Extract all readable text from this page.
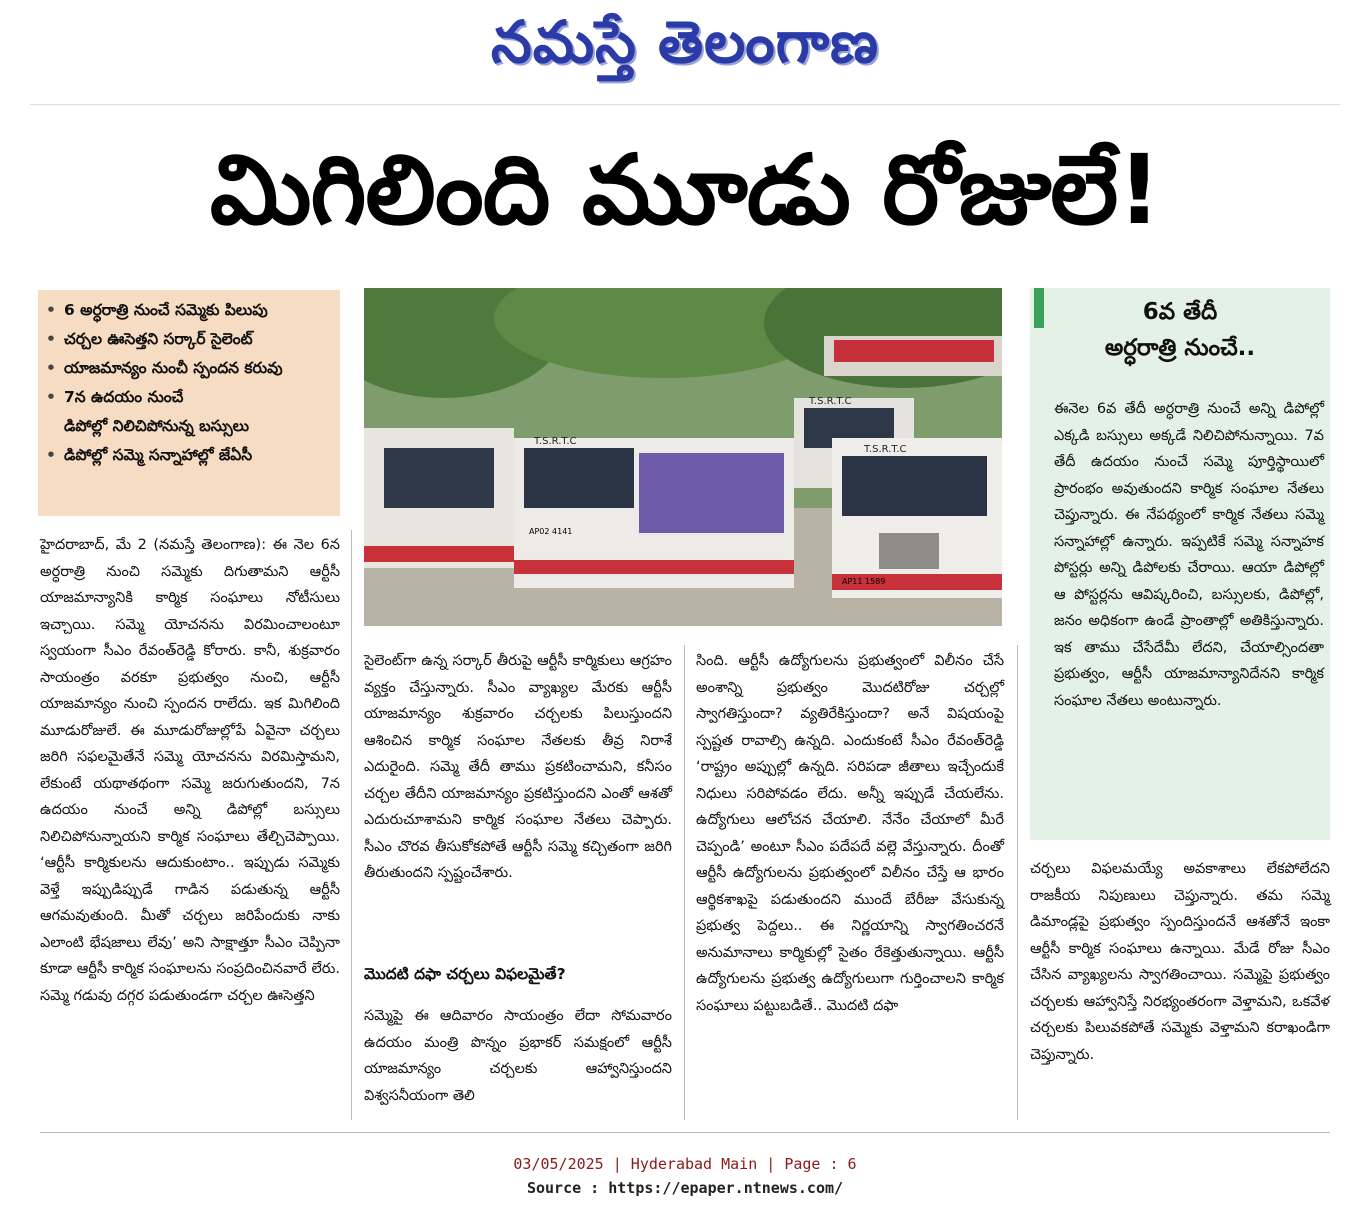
నమస్తే తెలంగాణ
మిగిలింది మూడు రోజులే!
• 6 అర్ధరాత్రి నుంచే సమ్మెకు పిలుపు
• చర్చల ఊసెత్తని సర్కార్ సైలెంట్
• యాజమాన్యం నుంచీ స్పందన కరువు
• 7న ఉదయం నుంచే
డిపోల్లో నిలిచిపోనున్న బస్సులు
• డిపోల్లో సమ్మె సన్నాహాల్లో జేఏసీ
T.S.R.T.C
T.S.R.T.C
T.S.R.T.C
AP11 1589
AP02 4141
6వ తేదీ
అర్ధరాత్రి నుంచే..
ఈనెల 6వ తేదీ అర్ధరాత్రి నుంచే అన్ని డిపోల్లో ఎక్కడి బస్సులు అక్కడే నిలిచిపోనున్నాయి. 7వ తేదీ ఉదయం నుంచే సమ్మె పూర్తిస్థాయిలో ప్రారంభం అవుతుందని కార్మిక సంఘాల నేతలు చెప్తున్నారు. ఈ నేపథ్యంలో కార్మిక నేతలు సమ్మె సన్నాహాల్లో ఉన్నారు. ఇప్పటికే సమ్మె సన్నాహక పోస్టర్లు అన్ని డిపోలకు చేరాయి. ఆయా డిపోల్లో ఆ పోస్టర్లను ఆవిష్కరించి, బస్సులకు, డిపోల్లో, జనం అధికంగా ఉండే ప్రాంతాల్లో అతికిస్తున్నారు. ఇక తాము చేసేదేమీ లేదని, చేయాల్సిందతా ప్రభుత్వం, ఆర్టీసీ యాజమాన్యానిదేనని కార్మిక సంఘాల నేతలు అంటున్నారు.
హైదరాబాద్, మే 2 (నమస్తే తెలంగాణ): ఈ నెల 6న అర్ధరాత్రి నుంచి సమ్మెకు దిగుతామని ఆర్టీసీ యాజమాన్యానికి కార్మిక సంఘాలు నోటీసులు ఇచ్చాయి. సమ్మె యోచనను విరమించాలంటూ స్వయంగా సీఎం రేవంత్‌రెడ్డి కోరారు. కానీ, శుక్రవారం సాయంత్రం వరకూ ప్రభుత్వం నుంచి, ఆర్టీసీ యాజమాన్యం నుంచి స్పందన రాలేదు. ఇక మిగిలింది మూడురోజులే. ఈ మూడురోజుల్లోపే ఏవైనా చర్చలు జరిగి సఫలమైతేనే సమ్మె యోచనను విరమిస్తామని, లేకుంటే యథాతథంగా సమ్మె జరుగుతుందని, 7న ఉదయం నుంచే అన్ని డిపోల్లో బస్సులు నిలిచిపోనున్నాయని కార్మిక సంఘాలు తేల్చిచెప్పాయి. ‘ఆర్టీసీ కార్మికులను ఆదుకుంటాం.. ఇప్పుడు సమ్మెకు వెళ్తే ఇప్పుడిప్పుడే గాడిన పడుతున్న ఆర్టీసీ ఆగమవుతుంది. మీతో చర్చలు జరిపేందుకు నాకు ఎలాంటి భేషజాలు లేవు’ అని సాక్షాత్తూ సీఎం చెప్పినా కూడా ఆర్టీసీ కార్మిక సంఘాలను సంప్రదించినవారే లేరు. సమ్మె గడువు దగ్గర పడుతుండగా చర్చల ఊసెత్తని
సైలెంట్‌గా ఉన్న సర్కార్ తీరుపై ఆర్టీసీ కార్మికులు ఆగ్రహం వ్యక్తం చేస్తున్నారు. సీఎం వ్యాఖ్యల మేరకు ఆర్టీసీ యాజమాన్యం శుక్రవారం చర్చలకు పిలుస్తుందని ఆశించిన కార్మిక సంఘాల నేతలకు తీవ్ర నిరాశే ఎదురైంది. సమ్మె తేదీ తాము ప్రకటించామని, కనీసం చర్చల తేదీని యాజమాన్యం ప్రకటిస్తుందని ఎంతో ఆశతో ఎదురుచూశామని కార్మిక సంఘాల నేతలు చెప్పారు. సీఎం చొరవ తీసుకోకపోతే ఆర్టీసీ సమ్మె కచ్చితంగా జరిగి తీరుతుందని స్పష్టంచేశారు.
మొదటి దఫా చర్చలు విఫలమైతే?
సమ్మెపై ఈ ఆదివారం సాయంత్రం లేదా సోమవారం ఉదయం మంత్రి పొన్నం ప్రభాకర్ సమక్షంలో ఆర్టీసీ యాజమాన్యం చర్చలకు ఆహ్వానిస్తుందని విశ్వసనీయంగా తెలి
సింది. ఆర్టీసీ ఉద్యోగులను ప్రభుత్వంలో విలీనం చేసే అంశాన్ని ప్రభుత్వం మొదటిరోజు చర్చల్లో స్వాగతిస్తుందా? వ్యతిరేకిస్తుందా? అనే విషయంపై స్పష్టత రావాల్సి ఉన్నది. ఎందుకంటే సీఎం రేవంత్‌రెడ్డి ‘రాష్ట్రం అప్పుల్లో ఉన్నది. సరిపడా జీతాలు ఇచ్చేందుకే నిధులు సరిపోవడం లేదు. అన్నీ ఇప్పుడే చేయలేను. ఉద్యోగులు ఆలోచన చేయాలి. నేనేం చేయాలో మీరే చెప్పండి’ అంటూ సీఎం పదేపదే వల్లె వేస్తున్నారు. దీంతో ఆర్టీసీ ఉద్యోగులను ప్రభుత్వంలో విలీనం చేస్తే ఆ భారం ఆర్థికశాఖపై పడుతుందని ముందే బేరీజు వేసుకున్న ప్రభుత్వ పెద్దలు.. ఈ నిర్ణయాన్ని స్వాగతించరనే అనుమానాలు కార్మికుల్లో సైతం రేకెత్తుతున్నాయి. ఆర్టీసీ ఉద్యోగులను ప్రభుత్వ ఉద్యోగులుగా గుర్తించాలని కార్మిక సంఘాలు పట్టుబడితే.. మొదటి దఫా
చర్చలు విఫలమయ్యే అవకాశాలు లేకపోలేదని రాజకీయ నిపుణులు చెప్తున్నారు. తమ సమ్మె డిమాండ్లపై ప్రభుత్వం స్పందిస్తుందనే ఆశతోనే ఇంకా ఆర్టీసీ కార్మిక సంఘాలు ఉన్నాయి. మేడే రోజు సీఎం చేసిన వ్యాఖ్యలను స్వాగతించాయి. సమ్మెపై ప్రభుత్వం చర్చలకు ఆహ్వానిస్తే నిరభ్యంతరంగా వెళ్తామని, ఒకవేళ చర్చలకు పిలువకపోతే సమ్మెకు వెళ్తామని కరాఖండిగా చెప్తున్నారు.
03/05/2025 | Hyderabad Main | Page : 6
Source : https://epaper.ntnews.com/
